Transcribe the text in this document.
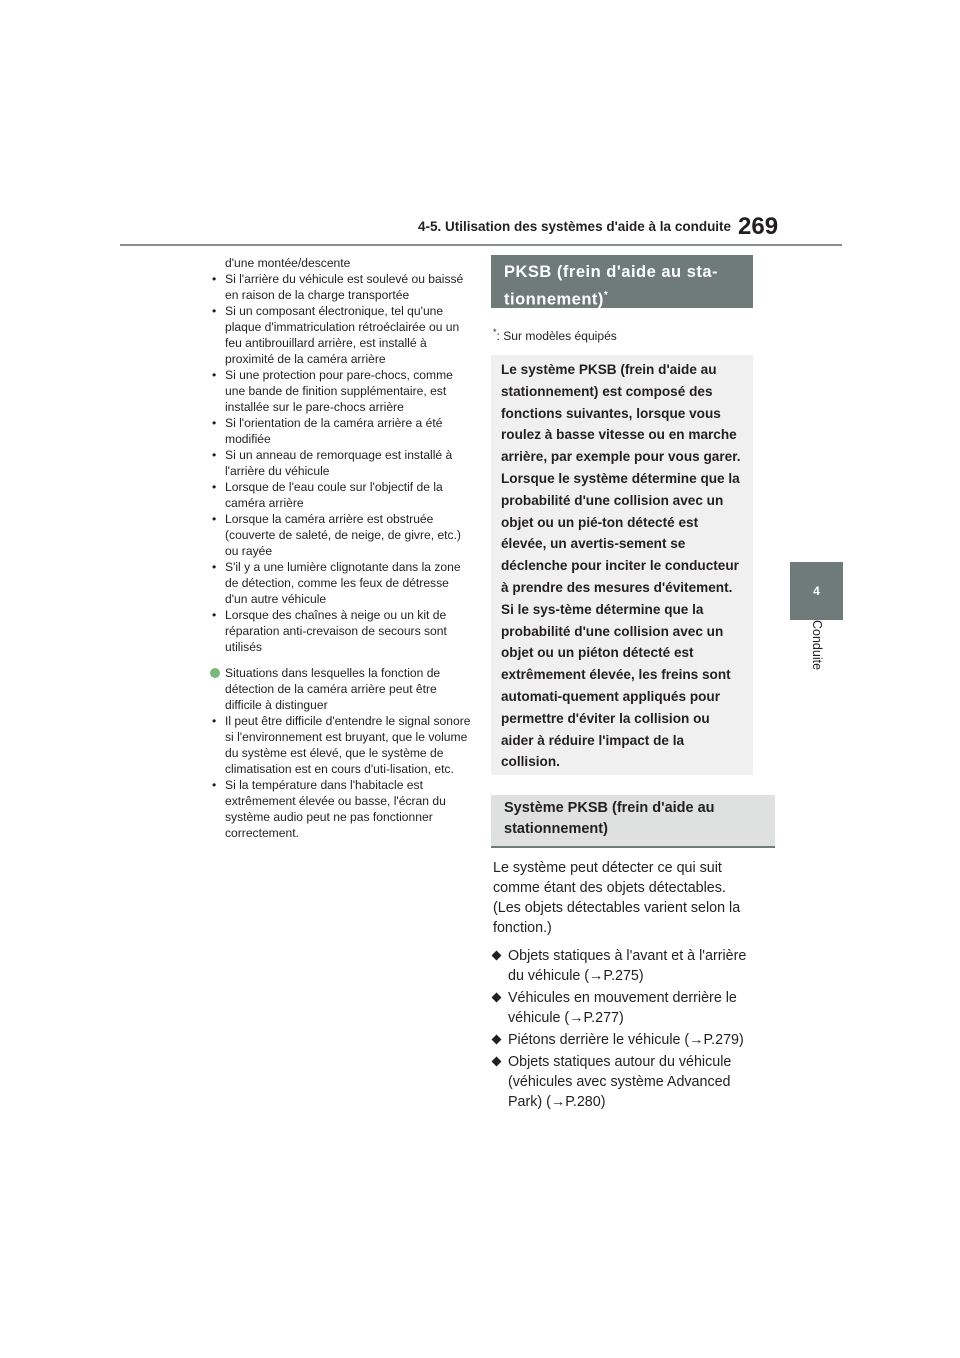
4-5. Utilisation des systèmes d'aide à la conduite 269
4
Conduite
d'une montée/descente
• Si l'arrière du véhicule est soulevé ou baissé en raison de la charge transportée
• Si un composant électronique, tel qu'une plaque d'immatriculation rétroéclairée ou un feu antibrouillard arrière, est installé à proximité de la caméra arrière
• Si une protection pour pare-chocs, comme une bande de finition supplémentaire, est installée sur le pare-chocs arrière
• Si l'orientation de la caméra arrière a été modifiée
• Si un anneau de remorquage est installé à l'arrière du véhicule
• Lorsque de l'eau coule sur l'objectif de la caméra arrière
• Lorsque la caméra arrière est obstruée (couverte de saleté, de neige, de givre, etc.) ou rayée
• S'il y a une lumière clignotante dans la zone de détection, comme les feux de détresse d'un autre véhicule
• Lorsque des chaînes à neige ou un kit de réparation anti-crevaison de secours sont utilisés
Situations dans lesquelles la fonction de détection de la caméra arrière peut être difficile à distinguer
• Il peut être difficile d'entendre le signal sonore si l'environnement est bruyant, que le volume du système est élevé, que le système de climatisation est en cours d'uti-lisation, etc.
• Si la température dans l'habitacle est extrêmement élevée ou basse, l'écran du système audio peut ne pas fonctionner correctement.
PKSB (frein d'aide au sta-tionnement)*
*: Sur modèles équipés

Le système PKSB (frein d'aide au stationnement) est composé des fonctions suivantes, lorsque vous roulez à basse vitesse ou en marche arrière, par exemple pour vous garer. Lorsque le système détermine que la probabilité d'une collision avec un objet ou un pié-ton détecté est élevée, un avertis-sement se déclenche pour inciter le conducteur à prendre des mesures d'évitement. Si le sys-tème détermine que la probabilité d'une collision avec un objet ou un piéton détecté est extrêmement élevée, les freins sont automati-quement appliqués pour permettre d'éviter la collision ou aider à réduire l'impact de la collision.

Système PKSB (frein d'aide au stationnement)
Le système peut détecter ce qui suit comme étant des objets détectables. (Les objets détectables varient selon la fonction.)
Objets statiques à l'avant et à l'arrière du véhicule (→P.275)
Véhicules en mouvement derrière le véhicule (→P.277)
Piétons derrière le véhicule (→P.279)
Objets statiques autour du véhicule (véhicules avec système Advanced Park) (→P.280)
